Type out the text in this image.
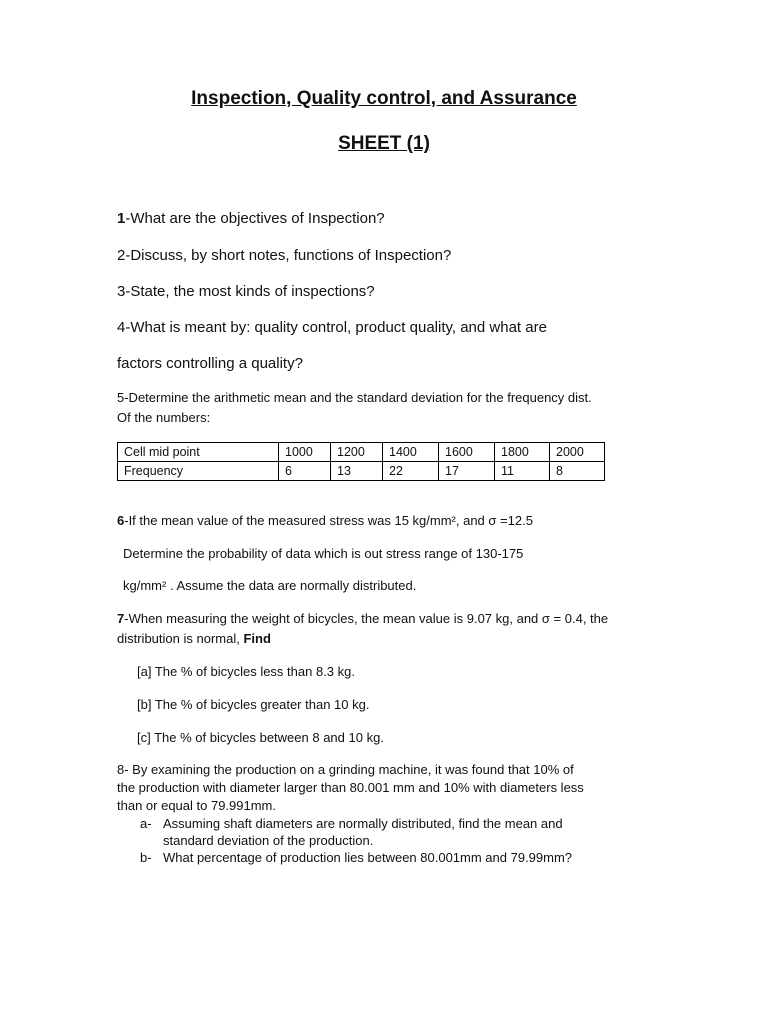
Inspection, Quality control, and Assurance
SHEET (1)
1-What are the objectives of Inspection?
2-Discuss, by short notes, functions of Inspection?
3-State, the most kinds of inspections?
4-What is meant by: quality control, product quality, and what are
factors controlling a quality?
5-Determine the arithmetic mean and the standard deviation for the frequency dist.
Of the numbers:
Cell mid point	1000	1200	1400	1600	1800	2000
Frequency	6	13	22	17	11	8
6-If the mean value of the measured stress was 15 kg/mm², and σ =12.5
Determine the probability of data which is out stress range of 130-175
kg/mm² . Assume the data are normally distributed.
7-When measuring the weight of bicycles, the mean value is 9.07 kg, and σ = 0.4, the
distribution is normal, Find
[a] The % of bicycles less than 8.3 kg.
[b] The % of bicycles greater than 10 kg.
[c] The % of bicycles between 8 and 10 kg.
8- By examining the production on a grinding machine, it was found that 10% of
the production with diameter larger than 80.001 mm and 10% with diameters less
than or equal to 79.991mm.
a- Assuming shaft diameters are normally distributed, find the mean and
standard deviation of the production.
b- What percentage of production lies between 80.001mm and 79.99mm?
